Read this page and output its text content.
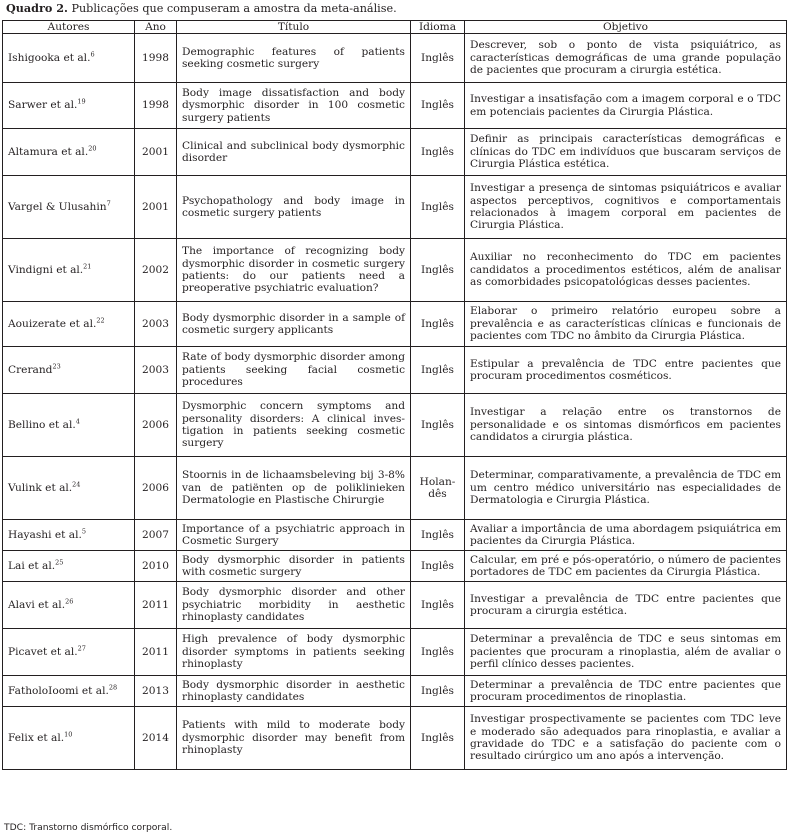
Quadro 2. Publicações que compuseram a amostra da meta-análise.
Autores	Ano	Título	Idioma	Objetivo
Ishigooka et al.$^6$	1998	Demographic features of patients seeking cosmetic surgery	Inglês	Descrever, sob o ponto de vista psiquiátrico, as características demográficas de uma grande população de pacientes que procuram a cirurgia estética.
Sarwer et al.$^{19}$	1998	Body image dissatisfaction and body dysmorphic disorder in 100 cosmetic surgery patients	Inglês	Investigar a insatisfação com a imagem corporal e o TDC em potenciais pacientes da Cirurgia Plástica.
Altamura et al.$^{20}$	2001	Clinical and subclinical body dysmorphic disorder	Inglês	Definir as principais características demográficas e clínicas do TDC em indivíduos que buscaram serviços de Cirurgia Plástica estética.
Vargel & Ulusahin$^7$	2001	Psychopathology and body image in cosmetic surgery patients	Inglês	Investigar a presença de sintomas psiquiátricos e avaliar aspectos perceptivos, cognitivos e comportamentais relacionados à imagem corporal em pacientes de Cirurgia Plástica.
Vindigni et al.$^{21}$	2002	The importance of recognizing body dysmorphic disorder in cosmetic surgery patients: do our patients need a preoperative psychiatric evaluation?	Inglês	Auxiliar no reconhecimento do TDC em pacientes candidatos a procedimentos estéticos, além de analisar as comorbidades psicopatológicas desses pacientes.
Aouizerate et al.$^{22}$	2003	Body dysmorphic disorder in a sample of cosmetic surgery applicants	Inglês	Elaborar o primeiro relatório europeu sobre a prevalência e as características clínicas e funcionais de pacientes com TDC no âmbito da Cirurgia Plástica.
Crerand$^{23}$	2003	Rate of body dysmorphic disorder among patients seeking facial cosmetic procedures	Inglês	Estipular a prevalência de TDC entre pacientes que procuram procedimentos cosméticos.
Bellino et al.$^4$	2006	Dysmorphic concern symptoms and personality disorders: A clinical investigation in patients seeking cosmetic surgery	Inglês	Investigar a relação entre os transtornos de personalidade e os sintomas dismórficos em pacientes candidatos a cirurgia plástica.
Vulink et al.$^{24}$	2006	Stoornis in de lichaamsbeleving bij 3-8% van de patiënten op de poliklinieken Dermatologie en Plastische Chirurgie	Holandês	Determinar, comparativamente, a prevalência de TDC em um centro médico universitário nas especialidades de Dermatologia e Cirurgia Plástica.
Hayashi et al.$^5$	2007	Importance of a psychiatric approach in Cosmetic Surgery	Inglês	Avaliar a importância de uma abordagem psiquiátrica em pacientes da Cirurgia Plástica.
Lai et al.$^{25}$	2010	Body dysmorphic disorder in patients with cosmetic surgery	Inglês	Calcular, em pré e pós-operatório, o número de pacientes portadores de TDC em pacientes da Cirurgia Plástica.
Alavi et al.$^{26}$	2011	Body dysmorphic disorder and other psychiatric morbidity in aesthetic rhinoplasty candidates	Inglês	Investigar a prevalência de TDC entre pacientes que procuram a cirurgia estética.
Picavet et al.$^{27}$	2011	High prevalence of body dysmorphic disorder symptoms in patients seeking rhinoplasty	Inglês	Determinar a prevalência de TDC e seus sintomas em pacientes que procuram a rinoplastia, além de avaliar o perfil clínico desses pacientes.
FatholoIoomi et al.$^{28}$	2013	Body dysmorphic disorder in aesthetic rhinoplasty candidates	Inglês	Determinar a prevalência de TDC entre pacientes que procuram procedimentos de rinoplastia.
Felix et al.$^{10}$	2014	Patients with mild to moderate body dysmorphic disorder may benefit from rhinoplasty	Inglês	Investigar prospectivamente se pacientes com TDC leve e moderado são adequados para rinoplastia, e avaliar a gravidade do TDC e a satisfação do paciente com o resultado cirúrgico um ano após a intervenção.
TDC: Transtorno dismórfico corporal.
